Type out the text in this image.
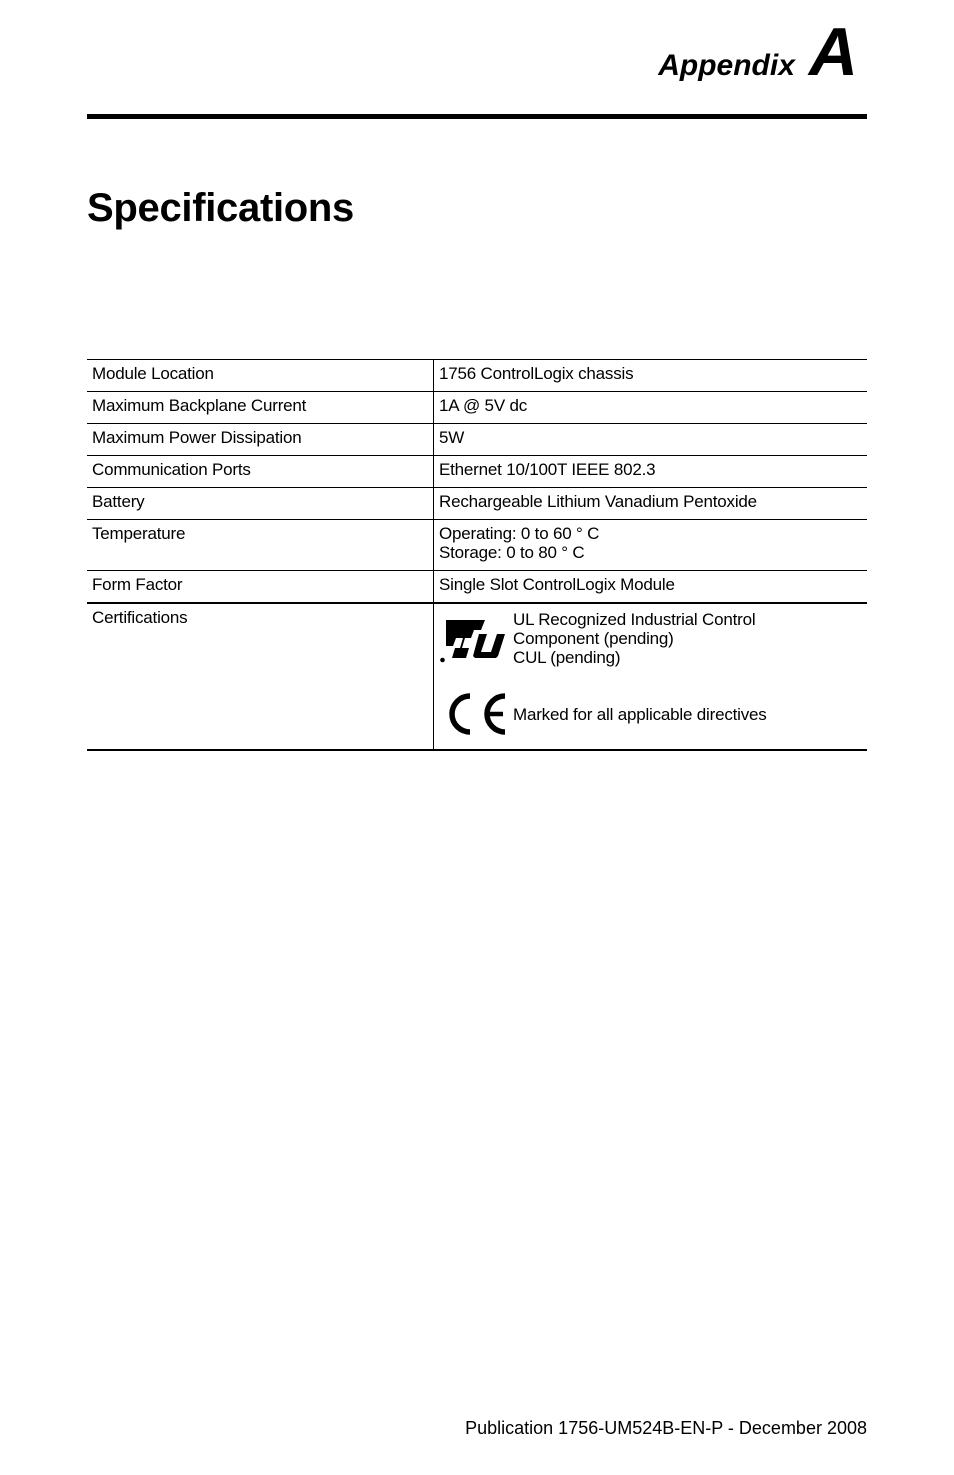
Appendix A
Specifications
Module Location	1756 ControlLogix chassis

Maximum Backplane Current	1A @ 5V dc

Maximum Power Dissipation	5W

Communication Ports	Ethernet 10/100T IEEE 802.3

Battery	Rechargeable Lithium Vanadium Pentoxide

Temperature	Operating: 0 to 60 ° C
Storage: 0 to 80 ° C

Form Factor	Single Slot ControlLogix Module

Certifications	UL Recognized Industrial Control
Component (pending)
CUL (pending)
Marked for all applicable directives
Publication 1756-UM524B-EN-P - December 2008
